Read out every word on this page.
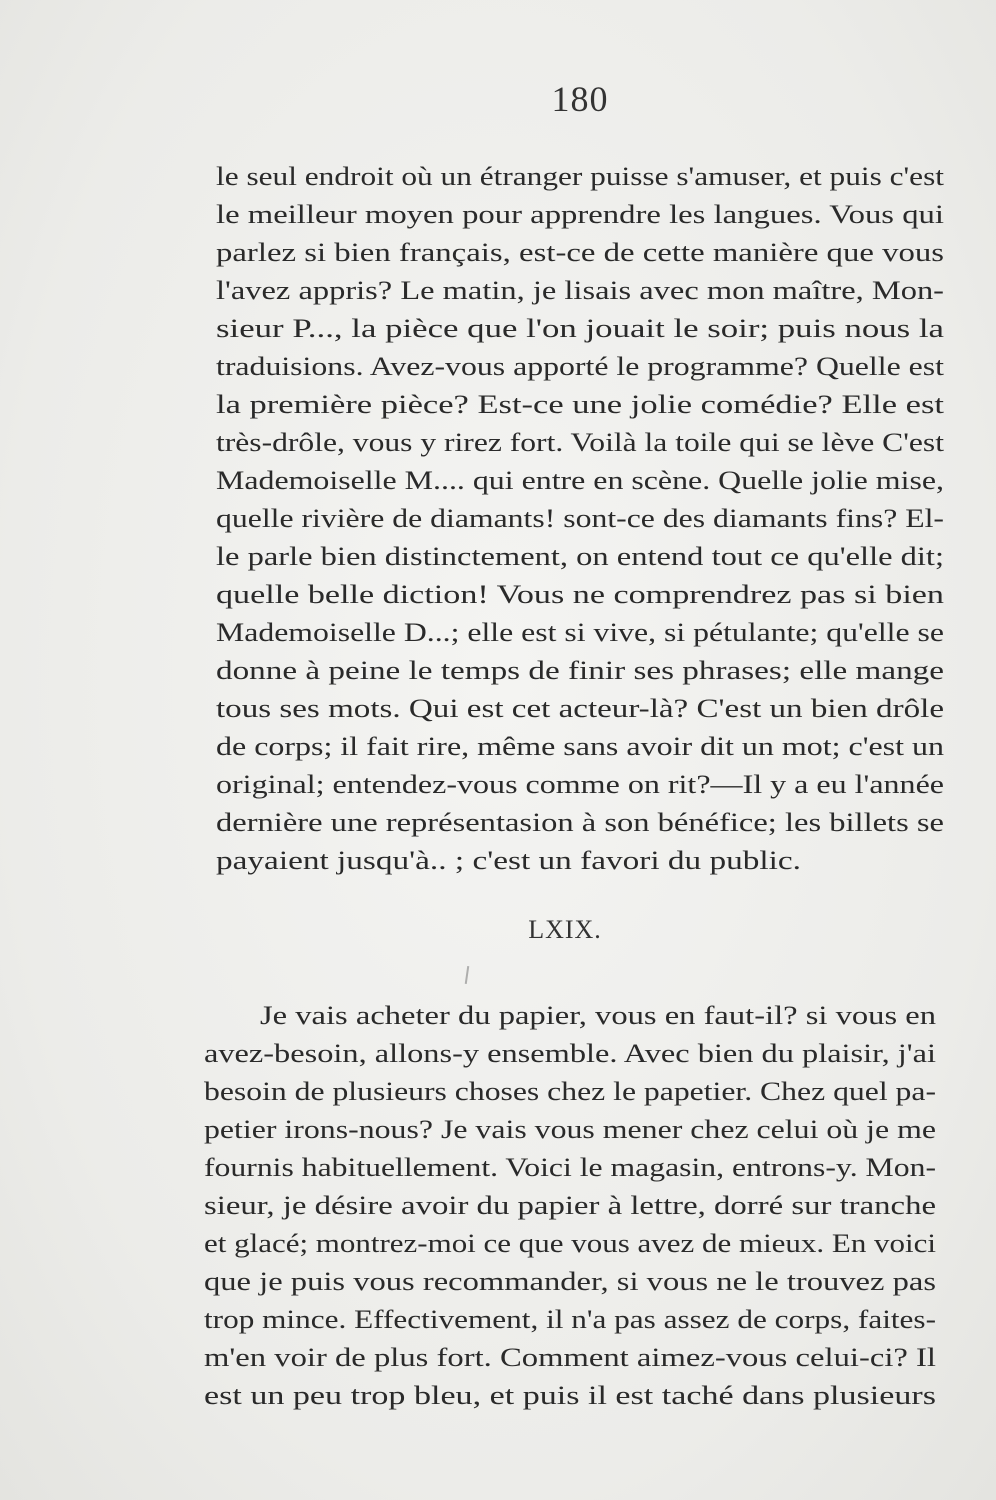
180
le seul endroit où un étranger puisse s'amuser, et puis c'est
le meilleur moyen pour apprendre les langues. Vous qui
parlez si bien français, est-ce de cette manière que vous
l'avez appris? Le matin, je lisais avec mon maître, Mon-
sieur P..., la pièce que l'on jouait le soir; puis nous la
traduisions. Avez-vous apporté le programme? Quelle est
la première pièce? Est-ce une jolie comédie? Elle est
très-drôle, vous y rirez fort. Voilà la toile qui se lève C'est
Mademoiselle M.... qui entre en scène. Quelle jolie mise,
quelle rivière de diamants! sont-ce des diamants fins? El-
le parle bien distinctement, on entend tout ce qu'elle dit;
quelle belle diction! Vous ne comprendrez pas si bien
Mademoiselle D...; elle est si vive, si pétulante; qu'elle se
donne à peine le temps de finir ses phrases; elle mange
tous ses mots. Qui est cet acteur-là? C'est un bien drôle
de corps; il fait rire, même sans avoir dit un mot; c'est un
original; entendez-vous comme on rit?—Il y a eu l'année
dernière une représentasion à son bénéfice; les billets se
payaient jusqu'à.. ; c'est un favori du public.
LXIX.
Je vais acheter du papier, vous en faut-il? si vous en
avez-besoin, allons-y ensemble. Avec bien du plaisir, j'ai
besoin de plusieurs choses chez le papetier. Chez quel pa-
petier irons-nous? Je vais vous mener chez celui où je me
fournis habituellement. Voici le magasin, entrons-y. Mon-
sieur, je désire avoir du papier à lettre, dorré sur tranche
et glacé; montrez-moi ce que vous avez de mieux. En voici
que je puis vous recommander, si vous ne le trouvez pas
trop mince. Effectivement, il n'a pas assez de corps, faites-
m'en voir de plus fort. Comment aimez-vous celui-ci? Il
est un peu trop bleu, et puis il est taché dans plusieurs
